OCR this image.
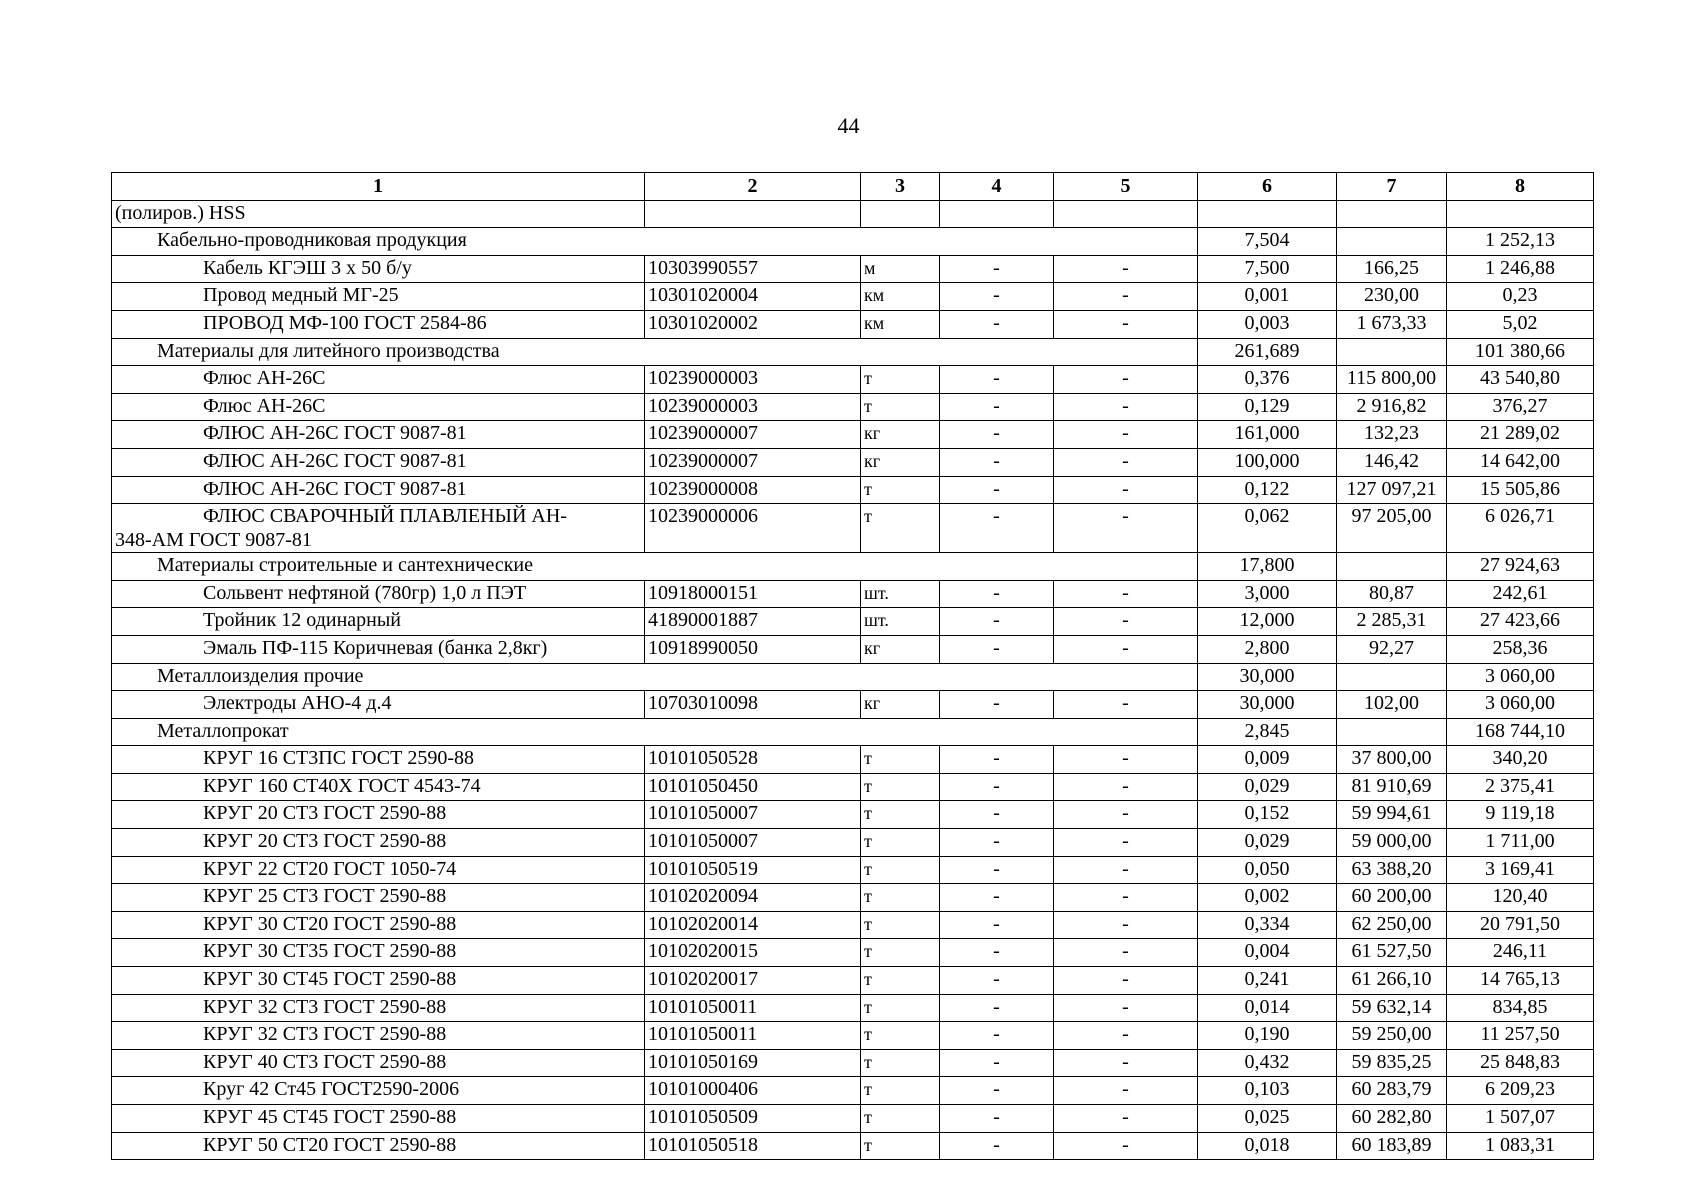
44
1	2	3	4	5	6	7	8
(полиров.) HSS							
Кабельно-проводниковая продукция					7,504		1 252,13
Кабель КГЭШ 3 х 50 б/у	10303990557	м	-	-	7,500	166,25	1 246,88
Провод медный МГ-25	10301020004	км	-	-	0,001	230,00	0,23
ПРОВОД МФ-100 ГОСТ 2584-86	10301020002	км	-	-	0,003	1 673,33	5,02
Материалы для литейного производства					261,689		101 380,66
Флюс АН-26С	10239000003	т	-	-	0,376	115 800,00	43 540,80
Флюс АН-26С	10239000003	т	-	-	0,129	2 916,82	376,27
ФЛЮС АН-26С ГОСТ 9087-81	10239000007	кг	-	-	161,000	132,23	21 289,02
ФЛЮС АН-26С ГОСТ 9087-81	10239000007	кг	-	-	100,000	146,42	14 642,00
ФЛЮС АН-26С ГОСТ 9087-81	10239000008	т	-	-	0,122	127 097,21	15 505,86

ФЛЮС СВАРОЧНЫЙ ПЛАВЛЕНЫЙ АН-
348-АМ ГОСТ 9087-81	10239000006	т	-	-	0,062	97 205,00	6 026,71
Материалы строительные и сантехнические					17,800		27 924,63
Сольвент нефтяной (780гр) 1,0 л ПЭТ	10918000151	шт.	-	-	3,000	80,87	242,61
Тройник 12 одинарный	41890001887	шт.	-	-	12,000	2 285,31	27 423,66
Эмаль ПФ-115 Коричневая (банка 2,8кг)	10918990050	кг	-	-	2,800	92,27	258,36
Металлоизделия прочие					30,000		3 060,00
Электроды АНО-4 д.4	10703010098	кг	-	-	30,000	102,00	3 060,00
Металлопрокат					2,845		168 744,10
КРУГ 16 СТ3ПС ГОСТ 2590-88	10101050528	т	-	-	0,009	37 800,00	340,20
КРУГ 160 СТ40Х ГОСТ 4543-74	10101050450	т	-	-	0,029	81 910,69	2 375,41
КРУГ 20 СТ3 ГОСТ 2590-88	10101050007	т	-	-	0,152	59 994,61	9 119,18
КРУГ 20 СТ3 ГОСТ 2590-88	10101050007	т	-	-	0,029	59 000,00	1 711,00
КРУГ 22 СТ20 ГОСТ 1050-74	10101050519	т	-	-	0,050	63 388,20	3 169,41
КРУГ 25 СТ3 ГОСТ 2590-88	10102020094	т	-	-	0,002	60 200,00	120,40
КРУГ 30 СТ20 ГОСТ 2590-88	10102020014	т	-	-	0,334	62 250,00	20 791,50
КРУГ 30 СТ35 ГОСТ 2590-88	10102020015	т	-	-	0,004	61 527,50	246,11
КРУГ 30 СТ45 ГОСТ 2590-88	10102020017	т	-	-	0,241	61 266,10	14 765,13
КРУГ 32 СТ3 ГОСТ 2590-88	10101050011	т	-	-	0,014	59 632,14	834,85
КРУГ 32 СТ3 ГОСТ 2590-88	10101050011	т	-	-	0,190	59 250,00	11 257,50
КРУГ 40 СТ3 ГОСТ 2590-88	10101050169	т	-	-	0,432	59 835,25	25 848,83
Круг 42 Ст45 ГОСТ2590-2006	10101000406	т	-	-	0,103	60 283,79	6 209,23
КРУГ 45 СТ45 ГОСТ 2590-88	10101050509	т	-	-	0,025	60 282,80	1 507,07
КРУГ 50 СТ20 ГОСТ 2590-88	10101050518	т	-	-	0,018	60 183,89	1 083,31
